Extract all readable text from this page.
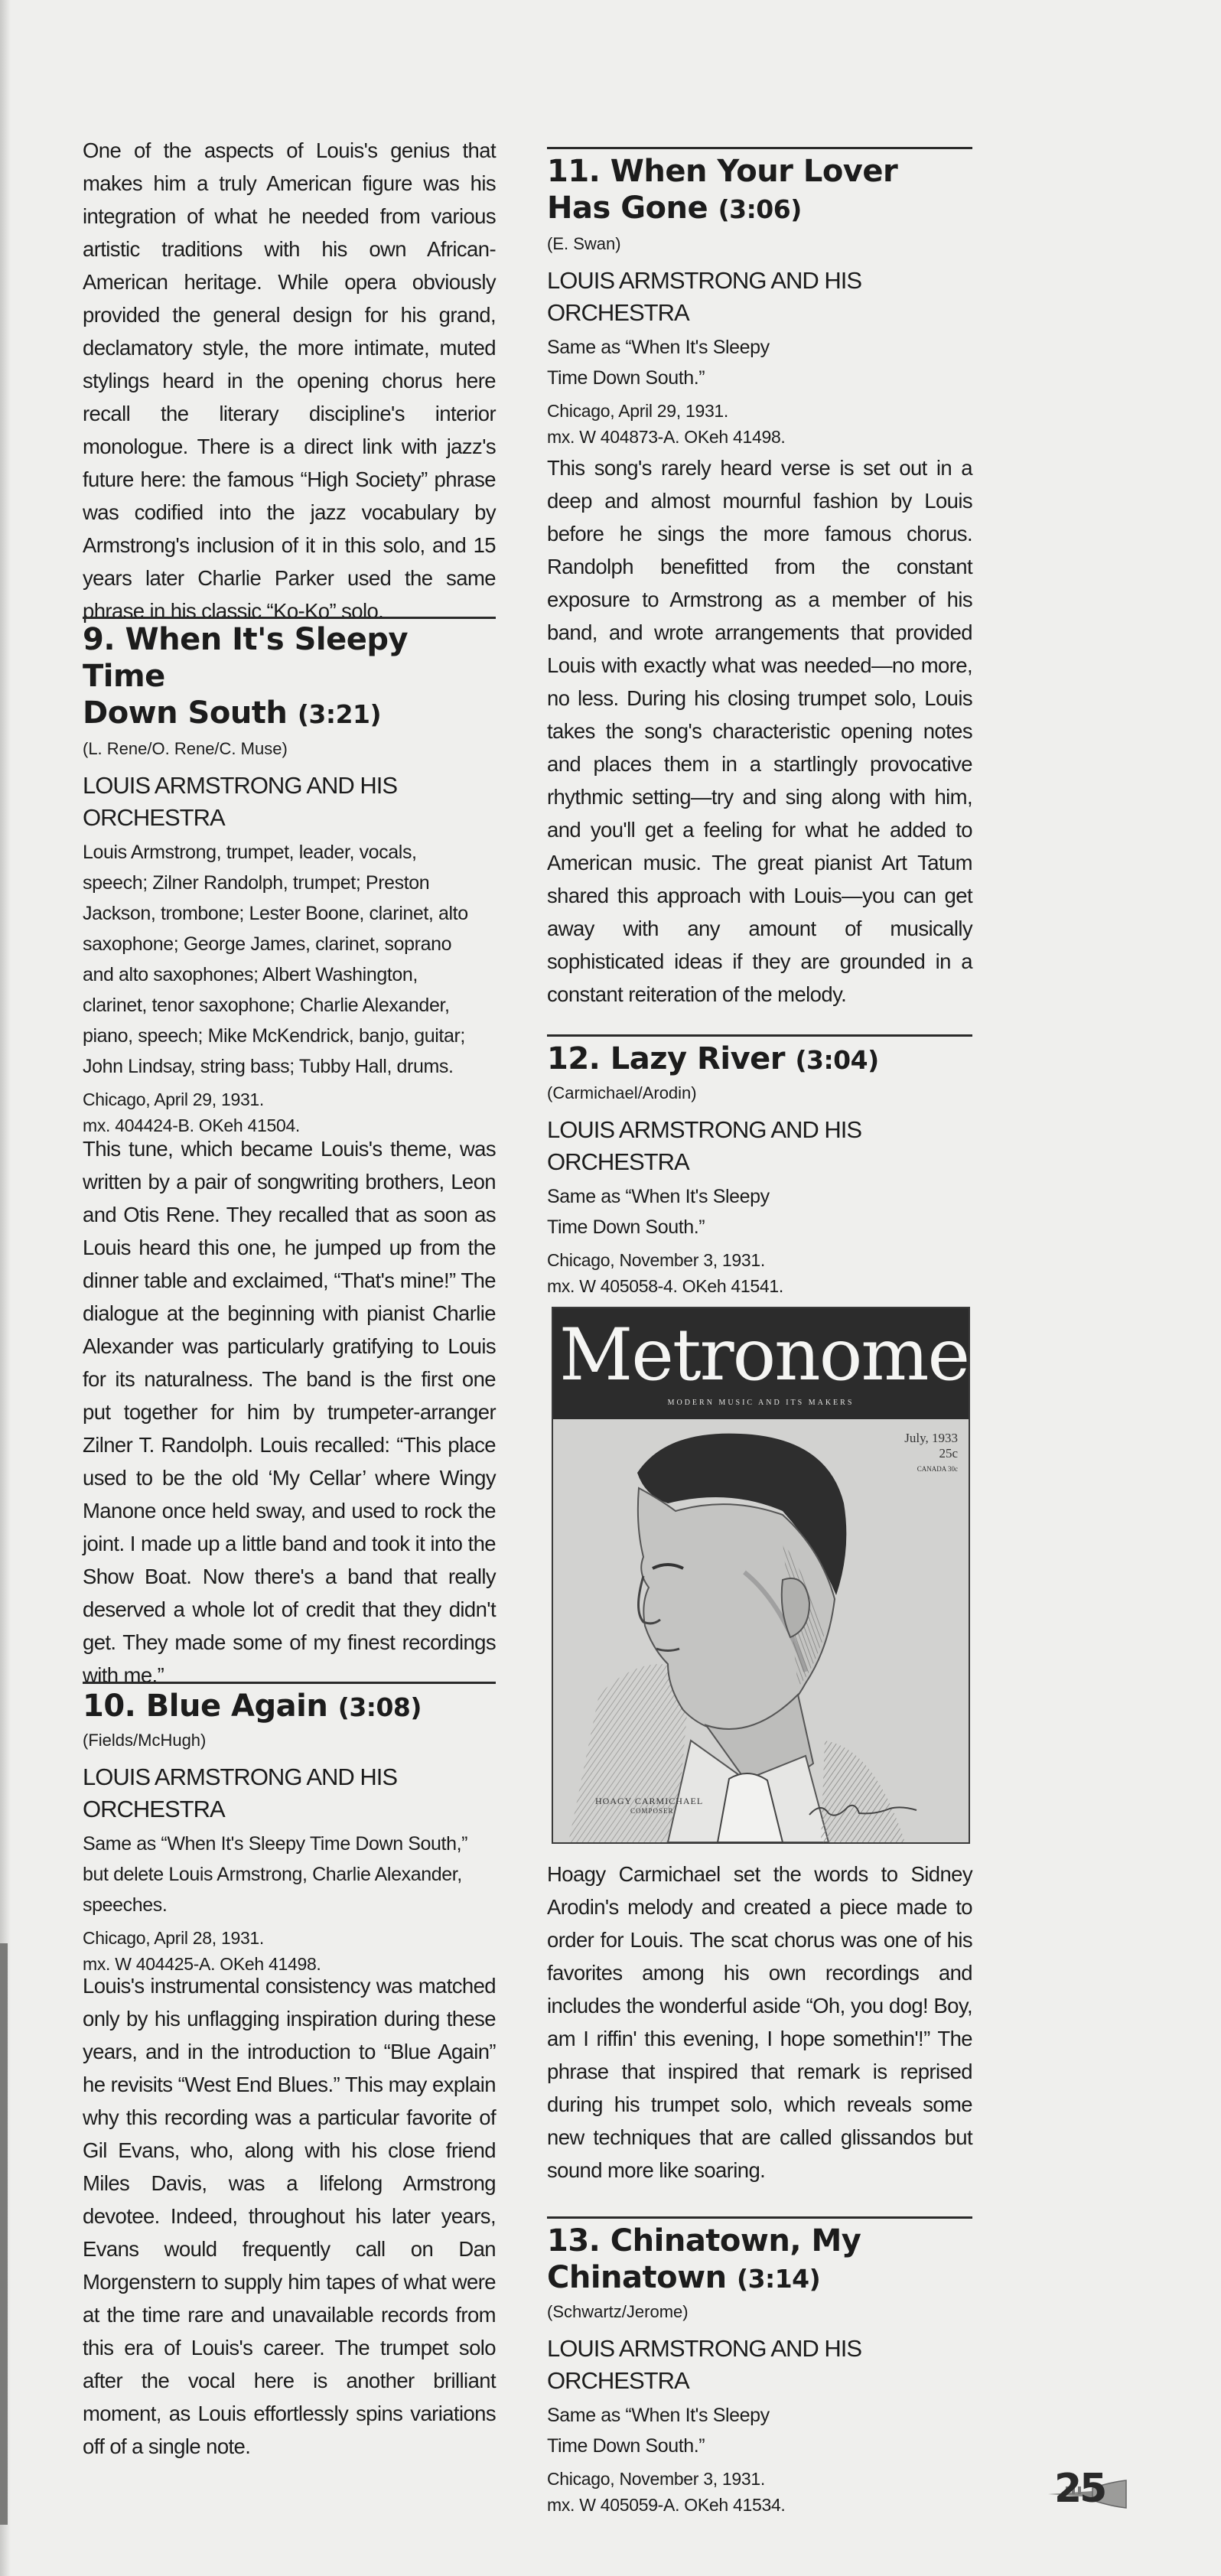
One of the aspects of Louis's genius that makes him a truly American figure was his integration of what he needed from various artistic traditions with his own African-American heritage. While opera obviously provided the general design for his grand, declamatory style, the more intimate, muted stylings heard in the opening chorus here recall the literary discipline's interior monologue. There is a direct link with jazz's future here: the famous “High Society” phrase was codified into the jazz vocabulary by Armstrong's inclusion of it in this solo, and 15 years later Charlie Parker used the same phrase in his classic “Ko-Ko” solo.

9. When It's Sleepy Time
Down South (3:21)

(L. Rene/O. Rene/C. Muse)

LOUIS ARMSTRONG AND HIS ORCHESTRA

Louis Armstrong, trumpet, leader, vocals, speech; Zilner Randolph, trumpet; Preston Jackson, trombone; Lester Boone, clarinet, alto saxophone; George James, clarinet, soprano and alto saxophones; Albert Washington, clarinet, tenor saxophone; Charlie Alexander, piano, speech; Mike McKendrick, banjo, guitar; John Lindsay, string bass; Tubby Hall, drums.

Chicago, April 29, 1931.

mx. 404424-B. OKeh 41504.

This tune, which became Louis's theme, was written by a pair of songwriting brothers, Leon and Otis Rene. They recalled that as soon as Louis heard this one, he jumped up from the dinner table and exclaimed, “That's mine!” The dialogue at the beginning with pianist Charlie Alexander was particularly gratifying to Louis for its naturalness. The band is the first one put together for him by trumpeter-arranger Zilner T. Randolph. Louis recalled: “This place used to be the old ‘My Cellar’ where Wingy Manone once held sway, and used to rock the joint. I made up a little band and took it into the Show Boat. Now there's a band that really deserved a whole lot of credit that they didn't get. They made some of my finest recordings with me.”

10. Blue Again (3:08)

(Fields/McHugh)

LOUIS ARMSTRONG AND HIS ORCHESTRA

Same as “When It's Sleepy Time Down South,” but delete Louis Armstrong, Charlie Alexander, speeches.

Chicago, April 28, 1931.

mx. W 404425-A. OKeh 41498.

Louis's instrumental consistency was matched only by his unflagging inspiration during these years, and in the introduction to “Blue Again” he revisits “West End Blues.” This may explain why this recording was a particular favorite of Gil Evans, who, along with his close friend Miles Davis, was a lifelong Armstrong devotee. Indeed, throughout his later years, Evans would frequently call on Dan Morgenstern to supply him tapes of what were at the time rare and unavailable records from this era of Louis's career. The trumpet solo after the vocal here is another brilliant moment, as Louis effortlessly spins variations off of a single note.

11. When Your Lover
Has Gone (3:06)

(E. Swan)

LOUIS ARMSTRONG AND HIS ORCHESTRA

Same as “When It's Sleepy Time Down South.”

Chicago, April 29, 1931.

mx. W 404873-A. OKeh 41498.

This song's rarely heard verse is set out in a deep and almost mournful fashion by Louis before he sings the more famous chorus. Randolph benefitted from the constant exposure to Armstrong as a member of his band, and wrote arrangements that provided Louis with exactly what was needed—no more, no less. During his closing trumpet solo, Louis takes the song's characteristic opening notes and places them in a startlingly provocative rhythmic setting—try and sing along with him, and you'll get a feeling for what he added to American music. The great pianist Art Tatum shared this approach with Louis—you can get away with any amount of musically sophisticated ideas if they are grounded in a constant reiteration of the melody.

12. Lazy River (3:04)

(Carmichael/Arodin)

LOUIS ARMSTRONG AND HIS ORCHESTRA

Same as “When It's Sleepy Time Down South.”

Chicago, November 3, 1931.

mx. W 405058-4. OKeh 41541.

Hoagy Carmichael set the words to Sidney Arodin's melody and created a piece made to order for Louis. The scat chorus was one of his favorites among his own recordings and includes the wonderful aside “Oh, you dog! Boy, am I riffin' this evening, I hope somethin'!” The phrase that inspired that remark is reprised during his trumpet solo, which reveals some new techniques that are called glissandos but sound more like soaring.

13. Chinatown, My Chinatown (3:14)

(Schwartz/Jerome)

LOUIS ARMSTRONG AND HIS ORCHESTRA

Same as “When It's Sleepy Time Down South.”

Chicago, November 3, 1931.

mx. W 405059-A. OKeh 41534.

Metronome
MODERN MUSIC AND ITS MAKERS
July, 1933
25c
CANADA 30c
HOAGY CARMICHAEL
COMPOSER
25
